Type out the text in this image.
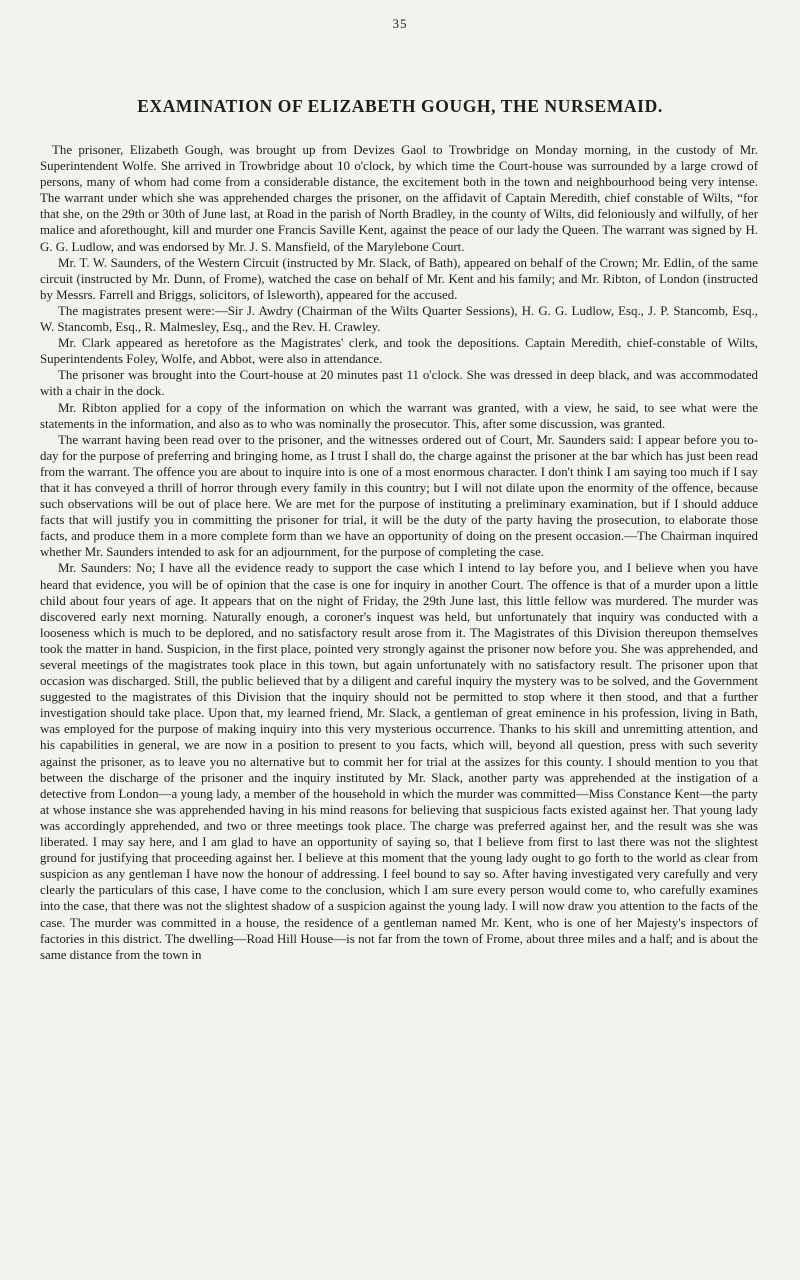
35
EXAMINATION OF ELIZABETH GOUGH, THE NURSEMAID.

The prisoner, Elizabeth Gough, was brought up from Devizes Gaol to Trowbridge on Monday morning, in the custody of Mr. Superintendent Wolfe. She arrived in Trowbridge about 10 o'clock, by which time the Court-house was surrounded by a large crowd of persons, many of whom had come from a considerable distance, the excitement both in the town and neighbourhood being very intense. The warrant under which she was apprehended charges the prisoner, on the affidavit of Captain Meredith, chief constable of Wilts, “for that she, on the 29th or 30th of June last, at Road in the parish of North Bradley, in the county of Wilts, did feloniously and wilfully, of her malice and aforethought, kill and murder one Francis Saville Kent, against the peace of our lady the Queen. The warrant was signed by H. G. G. Ludlow, and was endorsed by Mr. J. S. Mansfield, of the Marylebone Court.

Mr. T. W. Saunders, of the Western Circuit (instructed by Mr. Slack, of Bath), appeared on behalf of the Crown; Mr. Edlin, of the same circuit (instructed by Mr. Dunn, of Frome), watched the case on behalf of Mr. Kent and his family; and Mr. Ribton, of London (instructed by Messrs. Farrell and Briggs, solicitors, of Isleworth), appeared for the accused.

The magistrates present were:—Sir J. Awdry (Chairman of the Wilts Quarter Sessions), H. G. G. Ludlow, Esq., J. P. Stancomb, Esq., W. Stancomb, Esq., R. Malmesley, Esq., and the Rev. H. Crawley.

Mr. Clark appeared as heretofore as the Magistrates' clerk, and took the depositions. Captain Meredith, chief-constable of Wilts, Superintendents Foley, Wolfe, and Abbot, were also in attendance.

The prisoner was brought into the Court-house at 20 minutes past 11 o'clock. She was dressed in deep black, and was accommodated with a chair in the dock.

Mr. Ribton applied for a copy of the information on which the warrant was granted, with a view, he said, to see what were the statements in the information, and also as to who was nominally the prosecutor. This, after some discussion, was granted.

The warrant having been read over to the prisoner, and the witnesses ordered out of Court, Mr. Saunders said: I appear before you to-day for the purpose of preferring and bringing home, as I trust I shall do, the charge against the prisoner at the bar which has just been read from the warrant. The offence you are about to inquire into is one of a most enormous character. I don't think I am saying too much if I say that it has conveyed a thrill of horror through every family in this country; but I will not dilate upon the enormity of the offence, because such observations will be out of place here. We are met for the purpose of instituting a preliminary examination, but if I should adduce facts that will justify you in committing the prisoner for trial, it will be the duty of the party having the prosecution, to elaborate those facts, and produce them in a more complete form than we have an opportunity of doing on the present occasion.—The Chairman inquired whether Mr. Saunders intended to ask for an adjournment, for the purpose of completing the case.

Mr. Saunders: No; I have all the evidence ready to support the case which I intend to lay before you, and I believe when you have heard that evidence, you will be of opinion that the case is one for inquiry in another Court. The offence is that of a murder upon a little child about four years of age. It appears that on the night of Friday, the 29th June last, this little fellow was murdered. The murder was discovered early next morning. Naturally enough, a coroner's inquest was held, but unfortunately that inquiry was conducted with a looseness which is much to be deplored, and no satisfactory result arose from it. The Magistrates of this Division thereupon themselves took the matter in hand. Suspicion, in the first place, pointed very strongly against the prisoner now before you. She was apprehended, and several meetings of the magistrates took place in this town, but again unfortunately with no satisfactory result. The prisoner upon that occasion was discharged. Still, the public believed that by a diligent and careful inquiry the mystery was to be solved, and the Government suggested to the magistrates of this Division that the inquiry should not be permitted to stop where it then stood, and that a further investigation should take place. Upon that, my learned friend, Mr. Slack, a gentleman of great eminence in his profession, living in Bath, was employed for the purpose of making inquiry into this very mysterious occurrence. Thanks to his skill and unremitting attention, and his capabilities in general, we are now in a position to present to you facts, which will, beyond all question, press with such severity against the prisoner, as to leave you no alternative but to commit her for trial at the assizes for this county. I should mention to you that between the discharge of the prisoner and the inquiry instituted by Mr. Slack, another party was apprehended at the instigation of a detective from London—a young lady, a member of the household in which the murder was committed—Miss Constance Kent—the party at whose instance she was apprehended having in his mind reasons for believing that suspicious facts existed against her. That young lady was accordingly apprehended, and two or three meetings took place. The charge was preferred against her, and the result was she was liberated. I may say here, and I am glad to have an opportunity of saying so, that I believe from first to last there was not the slightest ground for justifying that proceeding against her. I believe at this moment that the young lady ought to go forth to the world as clear from suspicion as any gentleman I have now the honour of addressing. I feel bound to say so. After having investigated very carefully and very clearly the particulars of this case, I have come to the conclusion, which I am sure every person would come to, who carefully examines into the case, that there was not the slightest shadow of a suspicion against the young lady. I will now draw you attention to the facts of the case. The murder was committed in a house, the residence of a gentleman named Mr. Kent, who is one of her Majesty's inspectors of factories in this district. The dwelling—Road Hill House—is not far from the town of Frome, about three miles and a half; and is about the same distance from the town in
